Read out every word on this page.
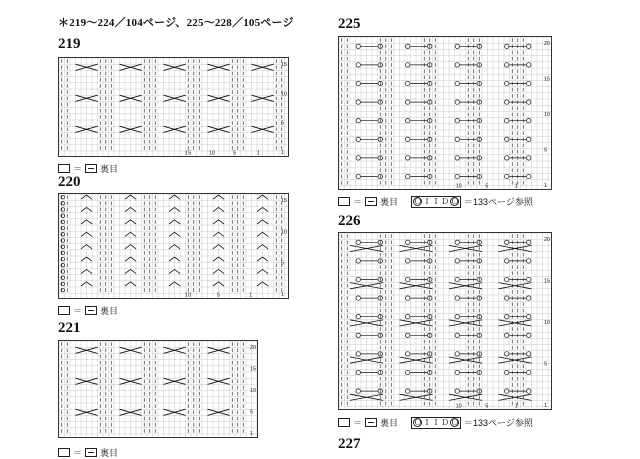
＊219～224／104ページ、225～228／105ページ
219
15
10
5
1
15	10	5	1
＝ 裏目
220
15
10
5
1
10	5	1
＝ 裏目
221
20
15
10
5
1
＝ 裏目
225
20
15
10
5
1
10	5	1
＝ 裏目 Ｏ Ｉ Ｉ Ｄ Ｏ ＝133ページ参照
226
20
15
10
5
1
10	5	1
＝ 裏目 Ｏ Ｉ Ｉ Ｄ Ｏ ＝133ページ参照
227
